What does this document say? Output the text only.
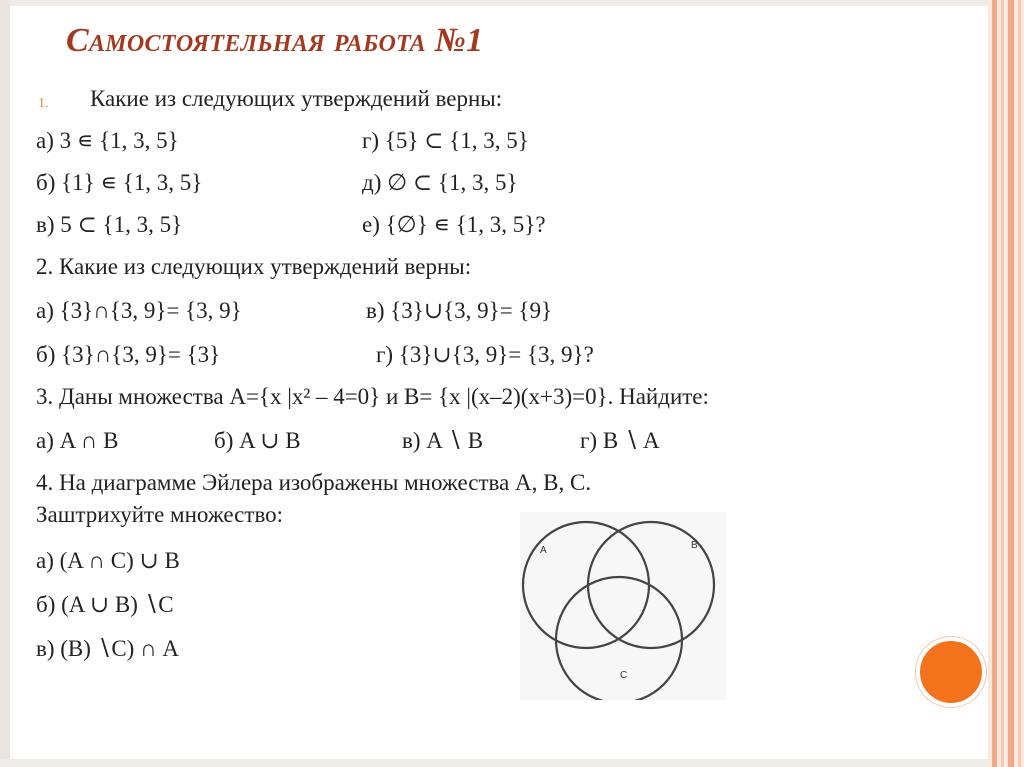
Самостоятельная работа №1
1. Какие из следующих утверждений верны:
а) 3 ∊ {1, 3, 5}
б) {1} ∊ {1, 3, 5}
в) 5 ⊂ {1, 3, 5}
г) {5} ⊂ {1, 3, 5}
д) ∅ ⊂ {1, 3, 5}
е) {∅} ∊ {1, 3, 5}?
2. Какие из следующих утверждений верны:
а) {3}∩{3, 9}= {3, 9}	в) {3}∪{3, 9}= {9}
б) {3}∩{3, 9}= {3}	г) {3}∪{3, 9}= {3, 9}?
3. Даны множества A={x |x² – 4=0} и B= {x |(x–2)(x+3)=0}. Найдите:
а) A ∩ B	б) A ∪ B	в) A ∖ B	г) B ∖ A
4. На диаграмме Эйлера изображены множества A, B, C.
Заштрихуйте множество:
а) (A ∩ C) ∪ B
б) (A ∪ B) ∖C
в) (B) ∖C) ∩ A
A	B
C
